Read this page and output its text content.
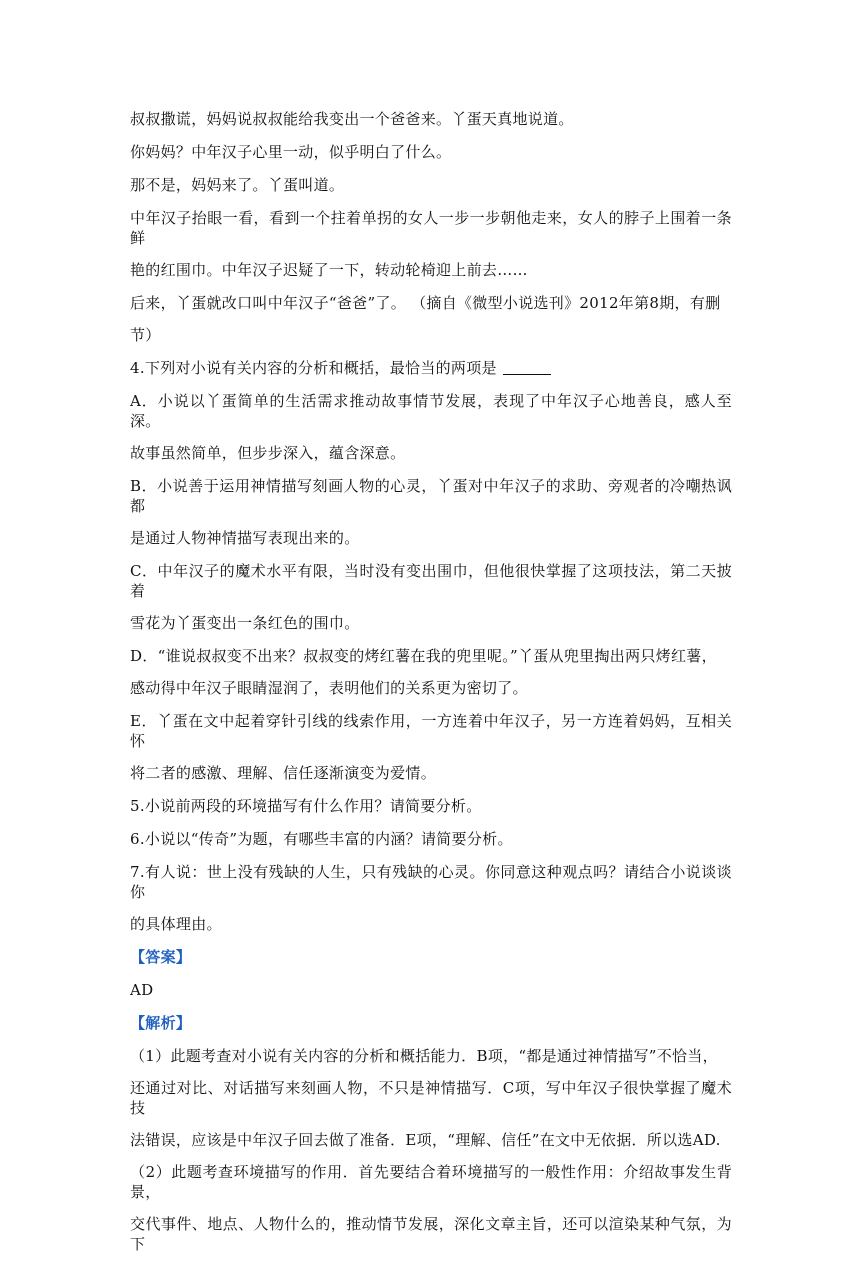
叔叔撒谎，妈妈说叔叔能给我变出一个爸爸来。丫蛋天真地说道。

你妈妈？中年汉子心里一动，似乎明白了什么。

那不是，妈妈来了。丫蛋叫道。

中年汉子抬眼一看，看到一个拄着单拐的女人一步一步朝他走来，女人的脖子上围着一条鲜
艳的红围巾。中年汉子迟疑了一下，转动轮椅迎上前去……

后来，丫蛋就改口叫中年汉子“爸爸”了。 （摘自《微型小说选刊》2012年第8期，有删
节）

4.下列对小说有关内容的分析和概括，最恰当的两项是

A．小说以丫蛋简单的生活需求推动故事情节发展，表现了中年汉子心地善良，感人至深。
故事虽然简单，但步步深入，蕴含深意。

B．小说善于运用神情描写刻画人物的心灵，丫蛋对中年汉子的求助、旁观者的冷嘲热讽都
是通过人物神情描写表现出来的。

C．中年汉子的魔术水平有限，当时没有变出围巾，但他很快掌握了这项技法，第二天披着
雪花为丫蛋变出一条红色的围巾。

D．“谁说叔叔变不出来？叔叔变的烤红薯在我的兜里呢。”丫蛋从兜里掏出两只烤红薯，
感动得中年汉子眼睛湿润了，表明他们的关系更为密切了。

E．丫蛋在文中起着穿针引线的线索作用，一方连着中年汉子，另一方连着妈妈，互相关怀
将二者的感激、理解、信任逐渐演变为爱情。

5.小说前两段的环境描写有什么作用？请简要分析。

6.小说以“传奇”为题，有哪些丰富的内涵？请简要分析。

7.有人说：世上没有残缺的人生，只有残缺的心灵。你同意这种观点吗？请结合小说谈谈你
的具体理由。

【答案】

AD

【解析】

（1）此题考查对小说有关内容的分析和概括能力．B项，“都是通过神情描写”不恰当，
还通过对比、对话描写来刻画人物，不只是神情描写．C项，写中年汉子很快掌握了魔术技
法错误，应该是中年汉子回去做了准备．E项，“理解、信任”在文中无依据．所以选AD.
（2）此题考查环境描写的作用．首先要结合着环境描写的一般性作用：介绍故事发生背景，
交代事件、地点、人物什么的，推动情节发展，深化文章主旨，还可以渲染某种气氛，为下
